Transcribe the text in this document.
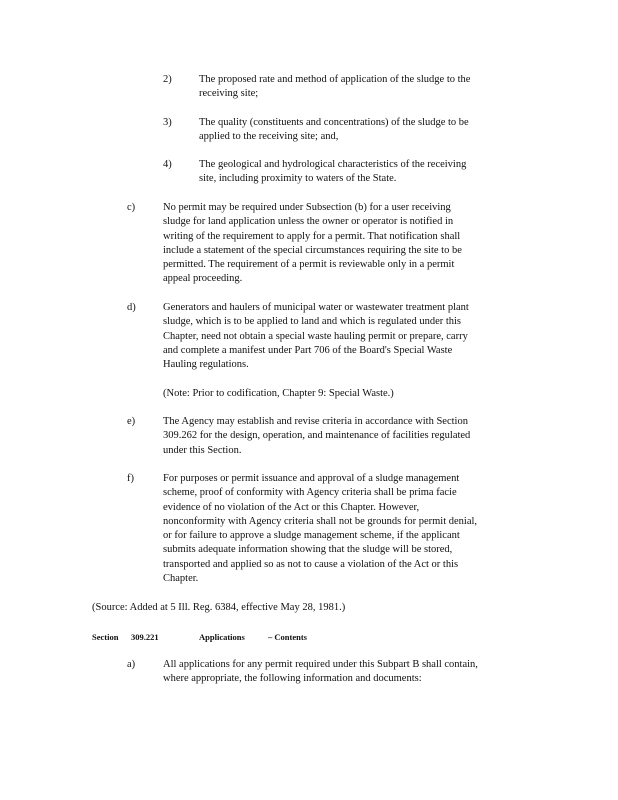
2)	The proposed rate and method of application of the sludge to the
receiving site;
3)	The quality (constituents and concentrations) of the sludge to be
applied to the receiving site; and,
4)	The geological and hydrological characteristics of the receiving
site, including proximity to waters of the State.
c)	No permit may be required under Subsection (b) for a user receiving
sludge for land application unless the owner or operator is notified in
writing of the requirement to apply for a permit. That notification shall
include a statement of the special circumstances requiring the site to be
permitted. The requirement of a permit is reviewable only in a permit
appeal proceeding.
d)	Generators and haulers of municipal water or wastewater treatment plant
sludge, which is to be applied to land and which is regulated under this
Chapter, need not obtain a special waste hauling permit or prepare, carry
and complete a manifest under Part 706 of the Board's Special Waste
Hauling regulations.
(Note: Prior to codification, Chapter 9: Special Waste.)
e)	The Agency may establish and revise criteria in accordance with Section
309.262 for the design, operation, and maintenance of facilities regulated
under this Section.
f)	For purposes or permit issuance and approval of a sludge management
scheme, proof of conformity with Agency criteria shall be prima facie
evidence of no violation of the Act or this Chapter. However,
nonconformity with Agency criteria shall not be grounds for permit denial,
or for failure to approve a sludge management scheme, if the applicant
submits adequate information showing that the sludge will be stored,
transported and applied so as not to cause a violation of the Act or this
Chapter.
(Source: Added at 5 Ill. Reg. 6384, effective May 28, 1981.)
Section 309.221	Applications	– Contents
a)	All applications for any permit required under this Subpart B shall contain,
where appropriate, the following information and documents:
